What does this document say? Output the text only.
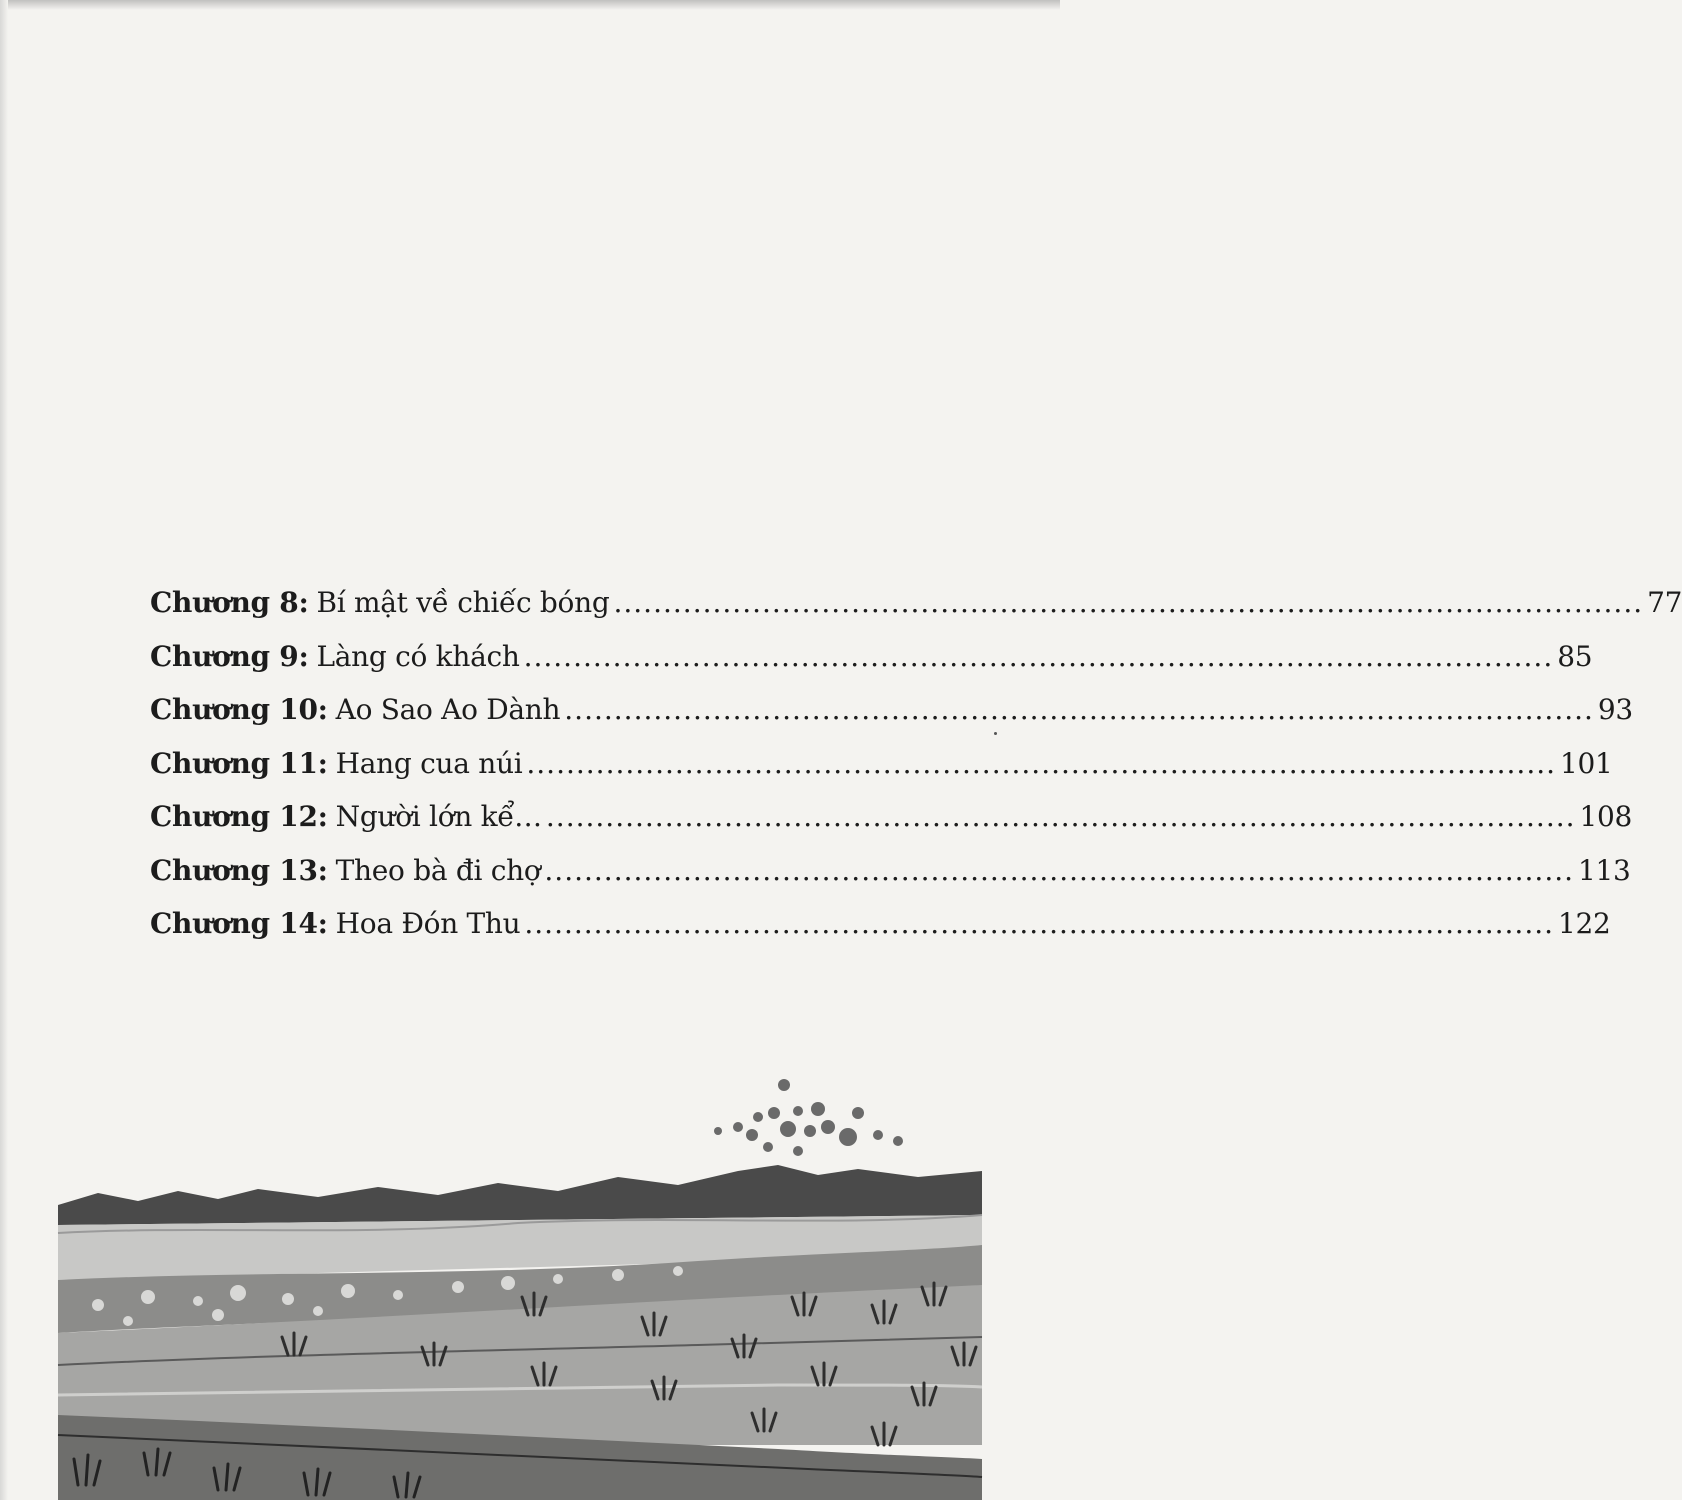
Chương 8: Bí mật về chiếc bóng ........................................................................................................ 77
Chương 9: Làng có khách ........................................................................................................ 85
Chương 10: Ao Sao Ao Dành ........................................................................................................ 93
Chương 11: Hang cua núi ........................................................................................................ 101
Chương 12: Người lớn kể… ........................................................................................................ 108
Chương 13: Theo bà đi chợ ........................................................................................................ 113
Chương 14: Hoa Đón Thu ........................................................................................................ 122
